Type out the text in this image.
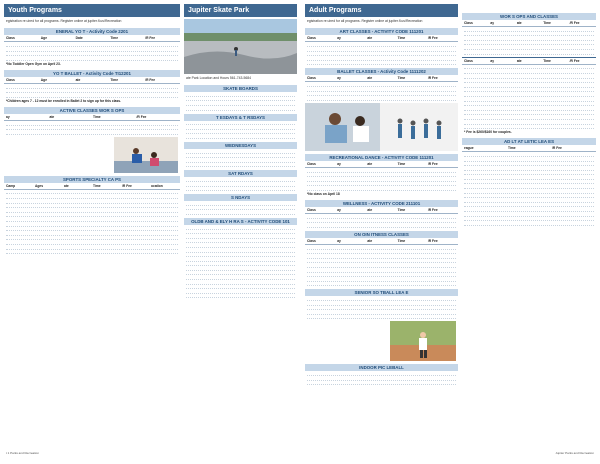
Youth Programs
egistration re uired for all programs. Register online at jupiter.fl.us/Recreation
ENERAL YO T - Activity Code 2201
Class	Age	Date	Time	/R Fee
*No Toddler Open Gym on April 23.
YO T BALLET - Activity Code TI12201
Class	Age	ate	Time	/R Fee
*Children ages 7 - 12 must be enrolled in Ballet 2 to sign up for this class.
ACTIVE CLASSES WOR S OPS
ay	ate	Time	/R Fee
SPORTS SPECIALTY CA PS
Camp	Ages	ate	Time	/R Fee	ocation
t 1 Parks and Recreation
Jupiter Skate Park
ate Park Location and Hours 561-743-5684
SKATE BOARDS
T ESDAYS & T RSDAYS
WEDNESDAYS
SAT RDAYS
S NDAYS
OLDB AND & ELY H RA S - ACTIVITY CODE 101
Adult Programs
egistration re uired for all programs. Register online at jupiter.fl.us/Recreation
ART CLASSES - ACTIVITY CODE 111201
Class	ay	ate	Time	/R Fee
BALLET CLASSES - Activity Code 1111202
Class	ay	ate	Time	/R Fee
RECREATIONAL DANCE - ACTIVITY CODE 111201
Class	ay	ate	Time	/R Fee
*No class on April 18
WELLNESS - ACTIVITY CODE 211101
Class	ay	ate	Time	/R Fee
ON OIN ITNESS CLASSES
Class	ay	ate	Time	/R Fee
SENIOR SO TBALL LEA E
INDOOR PIC LEBALL
WOR S OPS AND CLASSES
Class	ay	ate	Time	/R Fee
Class	ay	ate	Time	/R Fee
* Fee is $260/$160 for couples.
AD LT AT LETIC LEA ES
eague	Time	/R Fee
Jupiter Parks and Recreation
